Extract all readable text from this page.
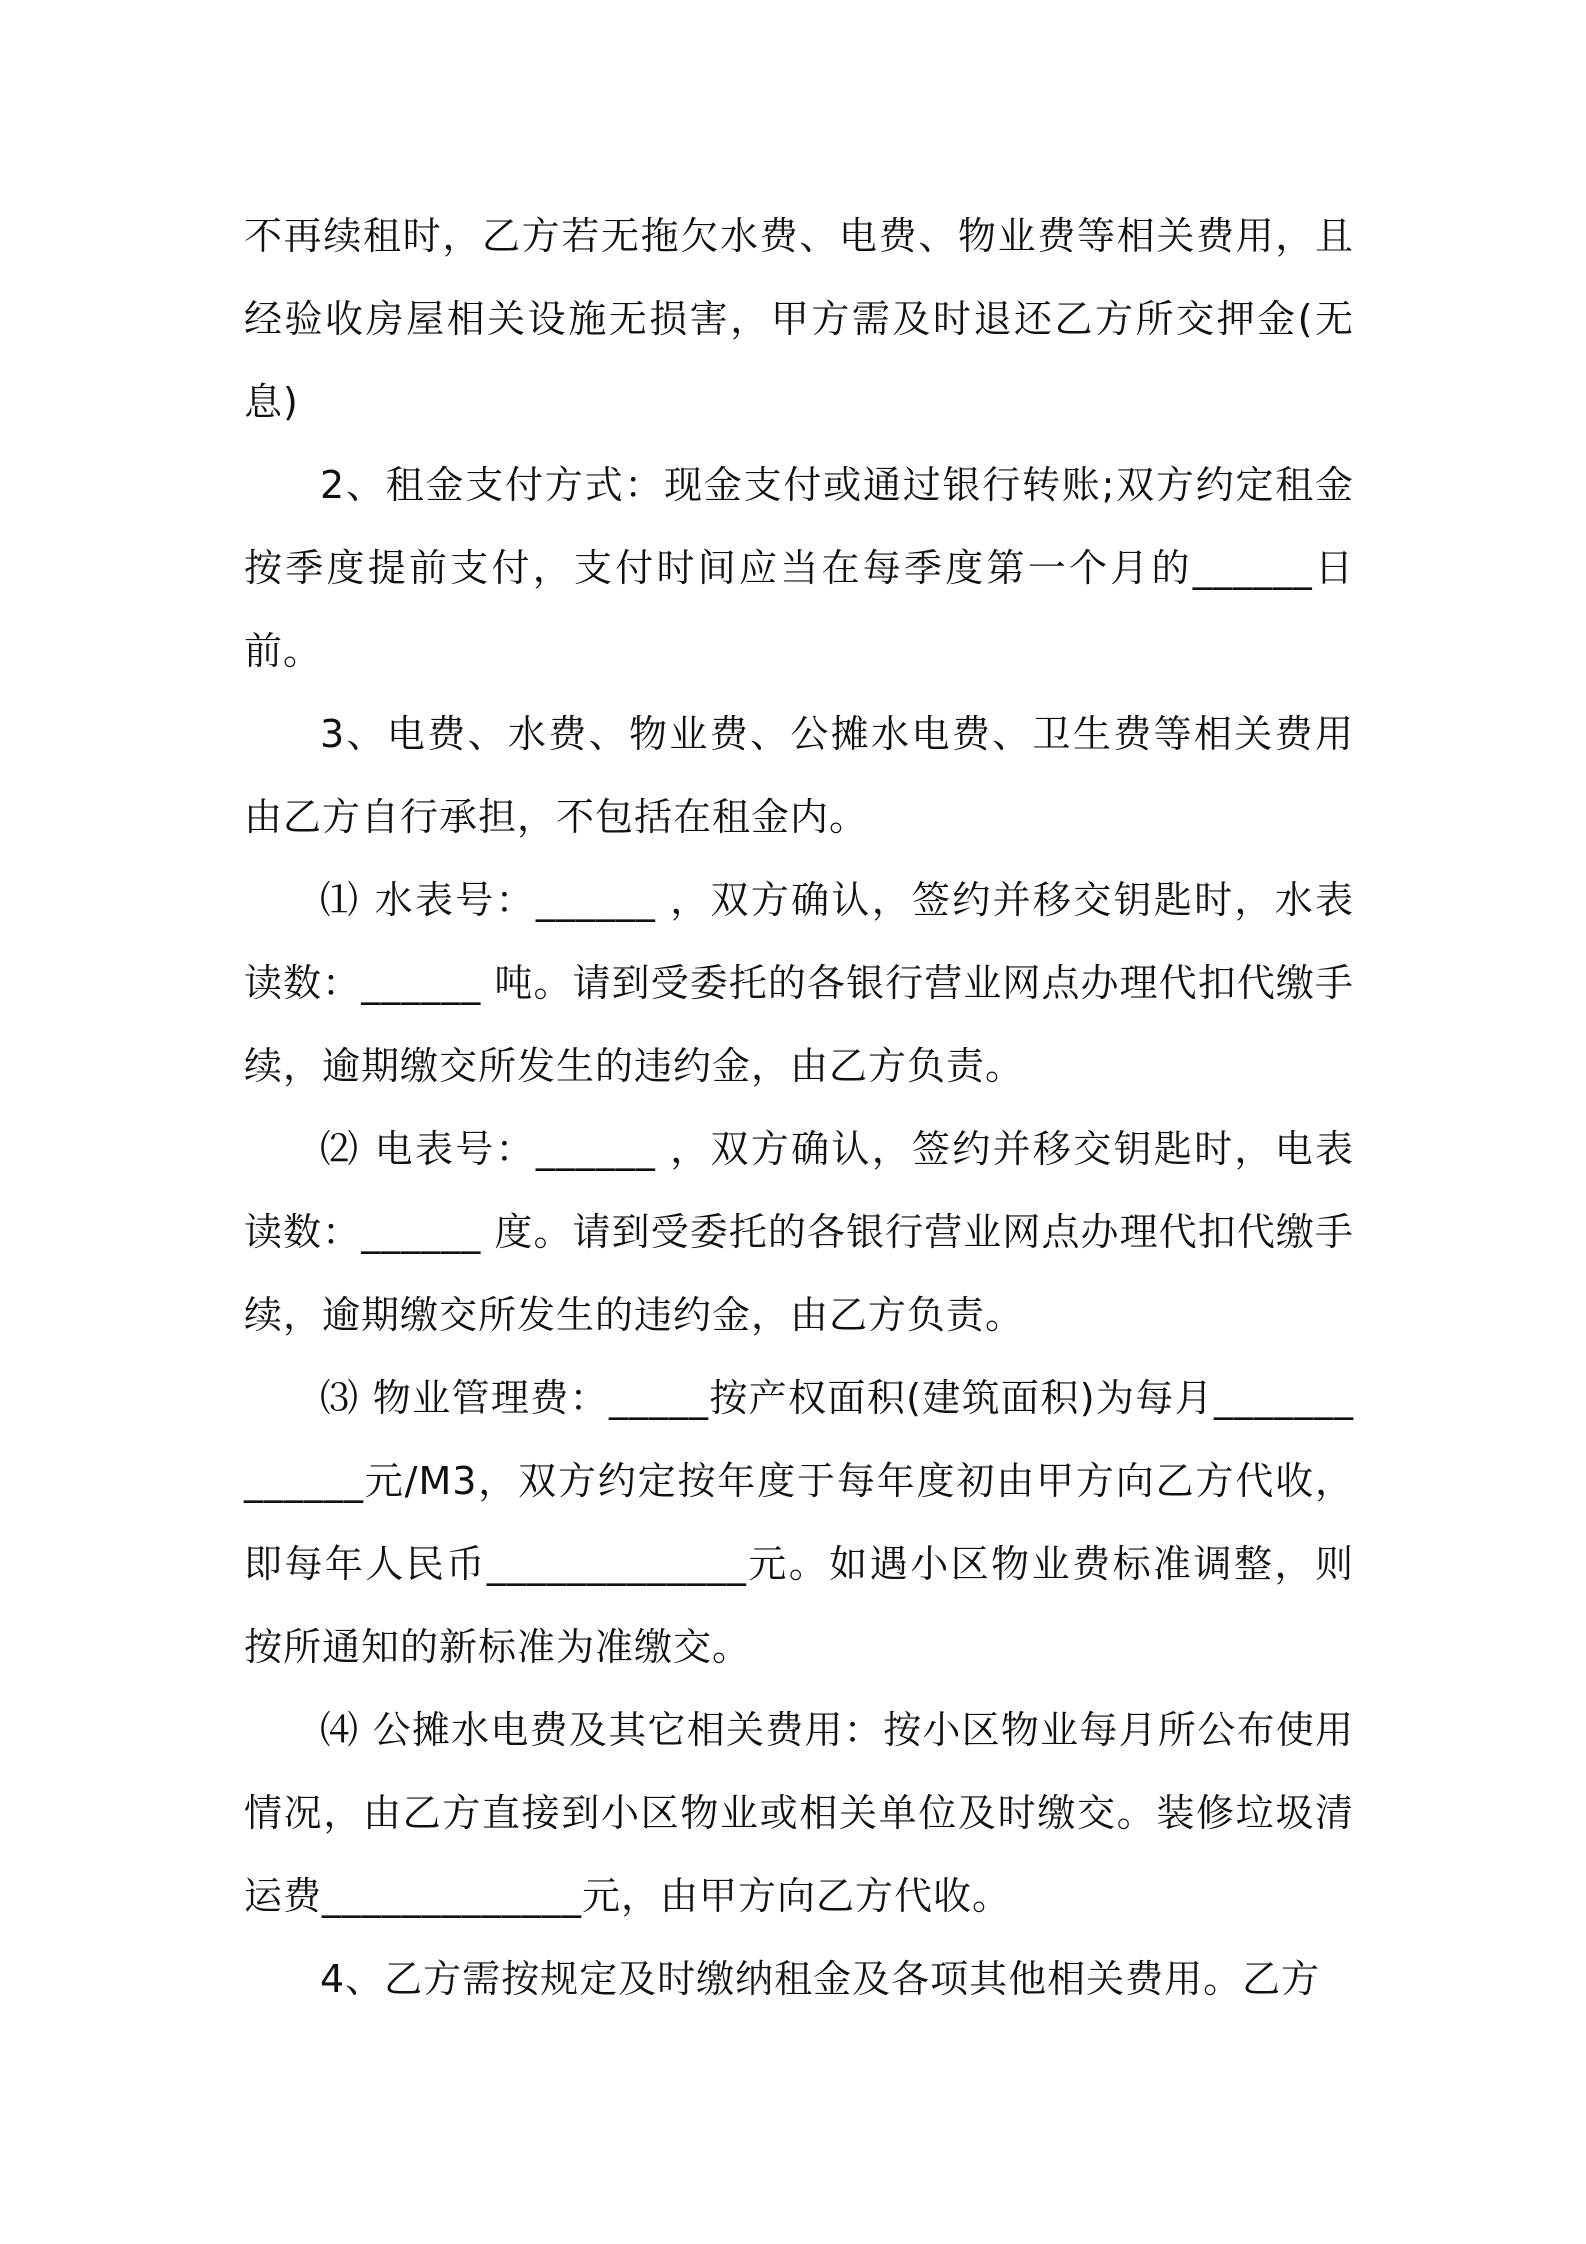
不再续租时，乙方若无拖欠水费、电费、物业费等相关费用，且经验收房屋相关设施无损害，甲方需及时退还乙方所交押金(无息)

2、租金支付方式：现金支付或通过银行转账;双方约定租金按季度提前支付，支付时间应当在每季度第一个月的______日前。

3、电费、水费、物业费、公摊水电费、卫生费等相关费用由乙方自行承担，不包括在租金内。

⑴ 水表号：______ ，双方确认，签约并移交钥匙时，水表读数：______ 吨。请到受委托的各银行营业网点办理代扣代缴手续，逾期缴交所发生的违约金，由乙方负责。

⑵ 电表号：______ ，双方确认，签约并移交钥匙时，电表读数：______ 度。请到受委托的各银行营业网点办理代扣代缴手续，逾期缴交所发生的违约金，由乙方负责。

⑶ 物业管理费：_____按产权面积(建筑面积)为每月_____________元/M3，双方约定按年度于每年度初由甲方向乙方代收，即每年人民币_____________元。如遇小区物业费标准调整，则按所通知的新标准为准缴交。

⑷ 公摊水电费及其它相关费用：按小区物业每月所公布使用情况，由乙方直接到小区物业或相关单位及时缴交。装修垃圾清运费_____________元，由甲方向乙方代收。

4、乙方需按规定及时缴纳租金及各项其他相关费用。乙方
